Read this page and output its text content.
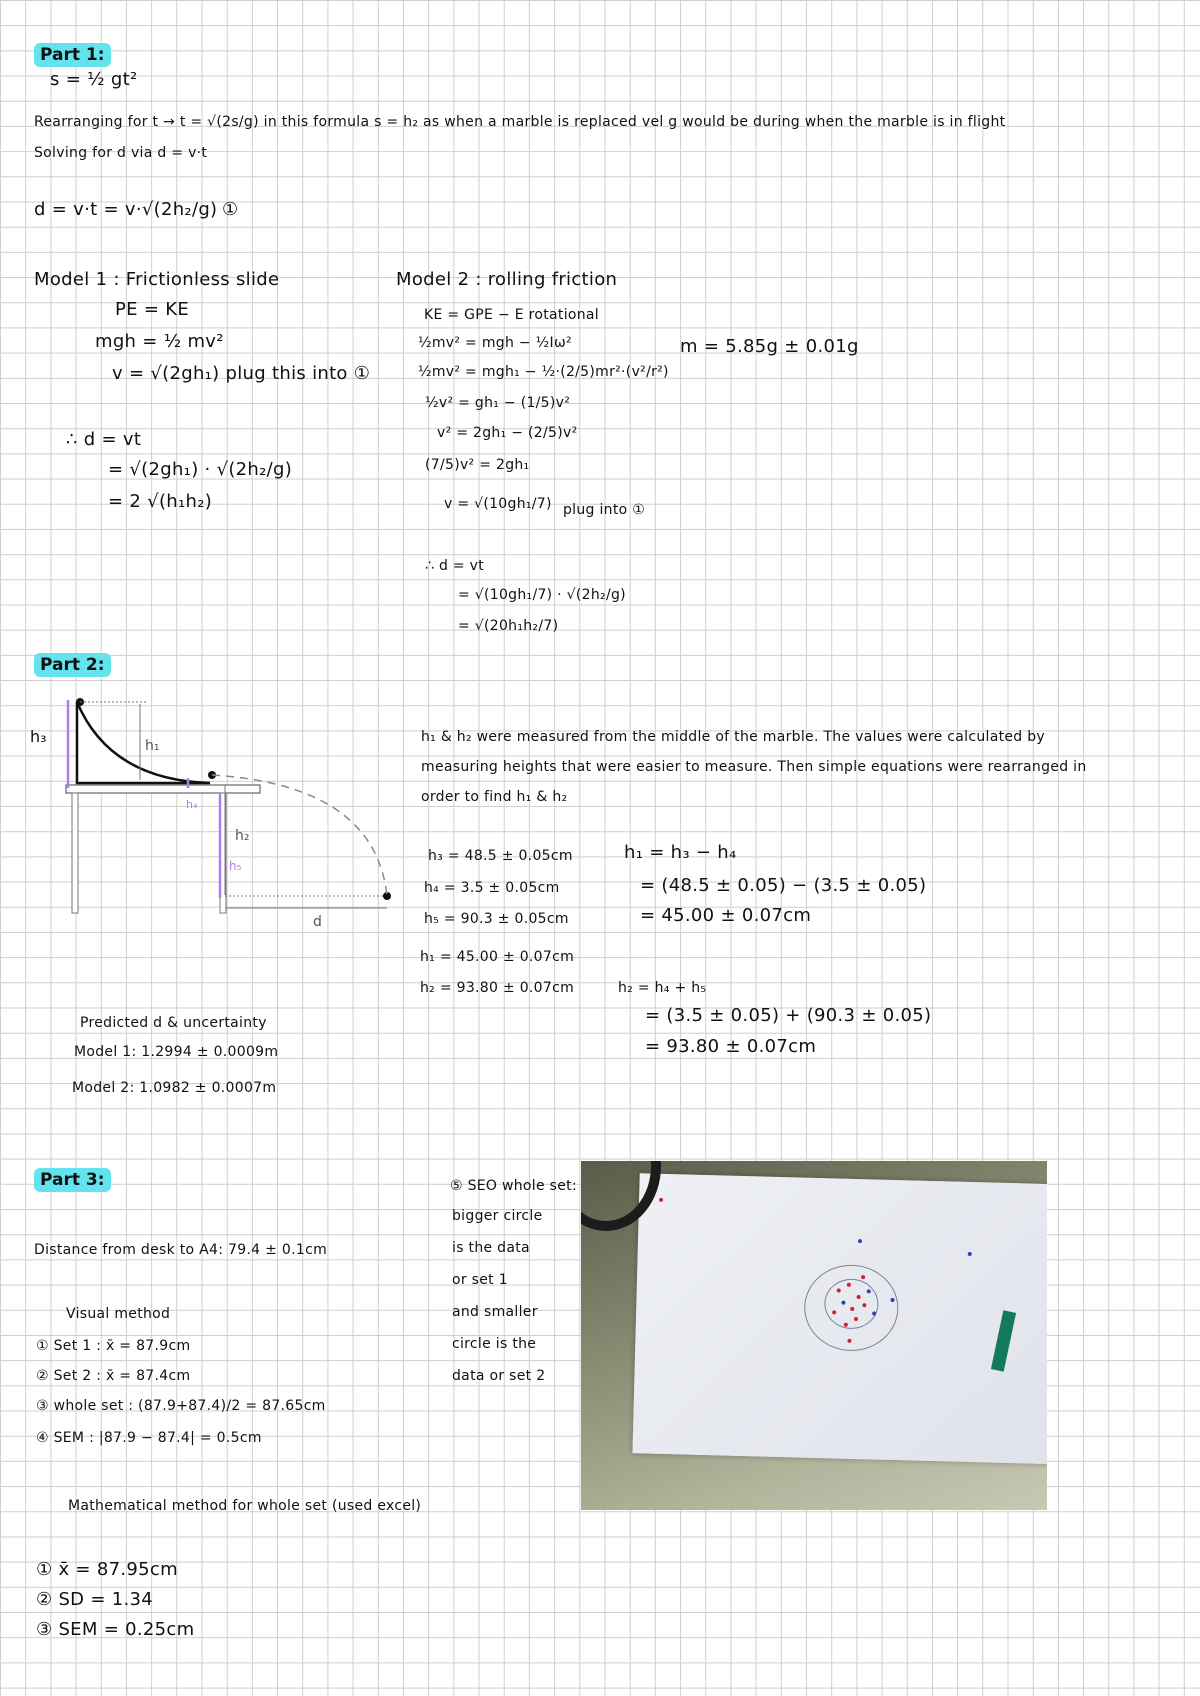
Part 1:
s = ½ gt²
Rearranging for t → t = √(2s/g) in this formula s = h₂ as when a marble is replaced vel g would be during when the marble is in flight
Solving for d via d = v·t
d = v·t = v·√(2h₂/g) ①
Model 1 : Frictionless slide
PE = KE
mgh = ½ mv²
v = √(2gh₁) plug this into ①
∴ d = vt
= √(2gh₁) · √(2h₂/g)
= 2 √(h₁h₂)
Model 2 : rolling friction
KE = GPE − E rotational
½mv² = mgh − ½Iω²
½mv² = mgh₁ − ½·(2/5)mr²·(v²/r²)
½v² = gh₁ − (1/5)v²
v² = 2gh₁ − (2/5)v²
(7/5)v² = 2gh₁
v = √(10gh₁/7) plug into ①
∴ d = vt
= √(10gh₁/7) · √(2h₂/g)
= √(20h₁h₂/7)
m = 5.85g ± 0.01g
Part 2:
h₁
h₂
d
h₃
h₄
h₅
h₁ & h₂ were measured from the middle of the marble. The values were calculated by measuring heights that were easier to measure. Then simple equations were rearranged in order to find h₁ & h₂
h₃ = 48.5 ± 0.05cm
h₄ = 3.5 ± 0.05cm
h₅ = 90.3 ± 0.05cm
h₁ = 45.00 ± 0.07cm
h₂ = 93.80 ± 0.07cm
h₁ = h₃ − h₄
= (48.5 ± 0.05) − (3.5 ± 0.05)
= 45.00 ± 0.07cm
h₂ = h₄ + h₅
= (3.5 ± 0.05) + (90.3 ± 0.05)
= 93.80 ± 0.07cm
Predicted d & uncertainty
Model 1: 1.2994 ± 0.0009m
Model 2: 1.0982 ± 0.0007m
Part 3:
Distance from desk to A4: 79.4 ± 0.1cm
Visual method
① Set 1 : x̄ = 87.9cm
② Set 2 : x̄ = 87.4cm
③ whole set : (87.9+87.4)/2 = 87.65cm
④ SEM : |87.9 − 87.4| = 0.5cm
⑤ SEO whole set:
bigger circle
is the data
or set 1
and smaller
circle is the
data or set 2
Mathematical method for whole set (used excel)
① x̄ = 87.95cm
② SD = 1.34
③ SEM = 0.25cm
